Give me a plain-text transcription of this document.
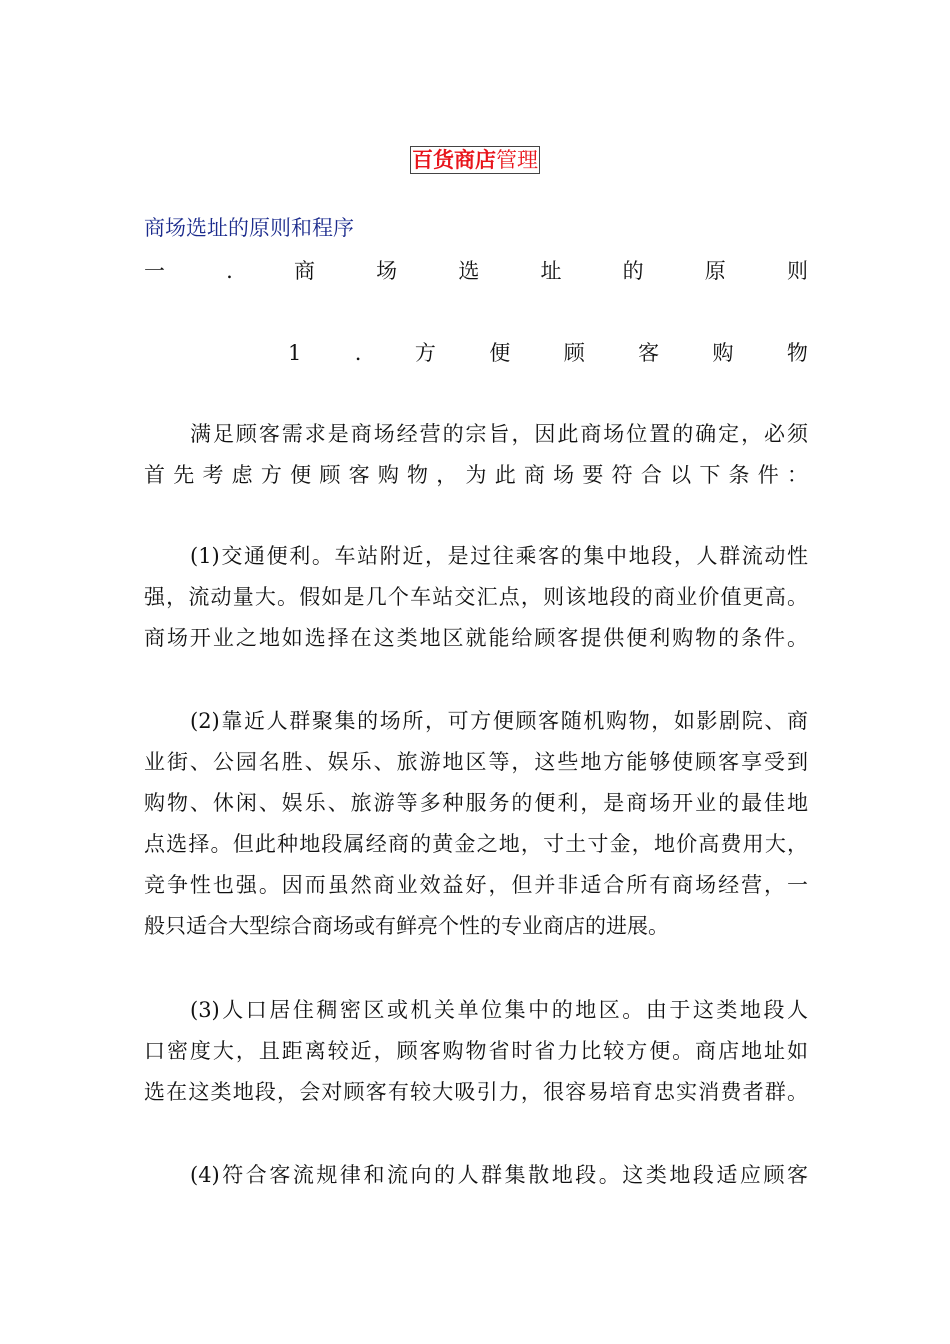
百货商店管理
商场选址的原则和程序
一	.	商	场	选	址	的	原	则
1	.	方	便	顾	客	购	物
满足顾客需求是商场经营的宗旨，因此商场位置的确定，必须
首先考虑方便顾客购物，为此商场要符合以下条件：
(1)交通便利。车站附近，是过往乘客的集中地段，人群流动性
强，流动量大。假如是几个车站交汇点，则该地段的商业价值更高。
商场开业之地如选择在这类地区就能给顾客提供便利购物的条件。
(2)靠近人群聚集的场所，可方便顾客随机购物，如影剧院、商
业街、公园名胜、娱乐、旅游地区等，这些地方能够使顾客享受到
购物、休闲、娱乐、旅游等多种服务的便利，是商场开业的最佳地
点选择。但此种地段属经商的黄金之地，寸土寸金，地价高费用大，
竞争性也强。因而虽然商业效益好，但并非适合所有商场经营，一
般只适合大型综合商场或有鲜亮个性的专业商店的进展。
(3)人口居住稠密区或机关单位集中的地区。由于这类地段人
口密度大，且距离较近，顾客购物省时省力比较方便。商店地址如
选在这类地段，会对顾客有较大吸引力，很容易培育忠实消费者群。
(4)符合客流规律和流向的人群集散地段。这类地段适应顾客
